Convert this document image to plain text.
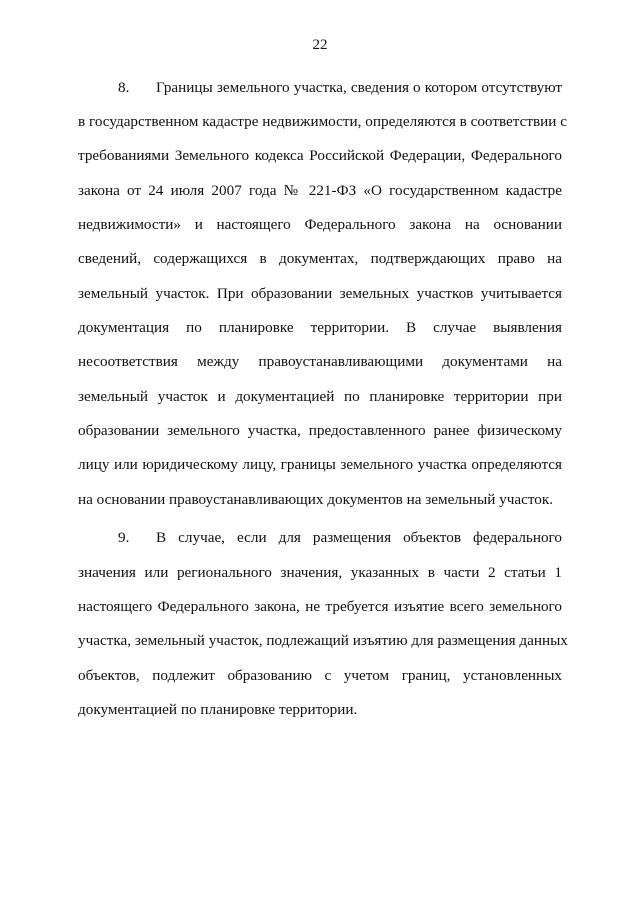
22
8. Границы земельного участка, сведения о котором отсутствуют
в государственном кадастре недвижимости, определяются в соответствии с
требованиями Земельного кодекса Российской Федерации, Федерального
закона от 24 июля 2007 года № 221-ФЗ «О государственном кадастре
недвижимости» и настоящего Федерального закона на основании
сведений, содержащихся в документах, подтверждающих право на
земельный участок. При образовании земельных участков учитывается
документация по планировке территории. В случае выявления
несоответствия между правоустанавливающими документами на
земельный участок и документацией по планировке территории при
образовании земельного участка, предоставленного ранее физическому
лицу или юридическому лицу, границы земельного участка определяются
на основании правоустанавливающих документов на земельный участок.
9. В случае, если для размещения объектов федерального
значения или регионального значения, указанных в части 2 статьи 1
настоящего Федерального закона, не требуется изъятие всего земельного
участка, земельный участок, подлежащий изъятию для размещения данных
объектов, подлежит образованию с учетом границ, установленных
документацией по планировке территории.
